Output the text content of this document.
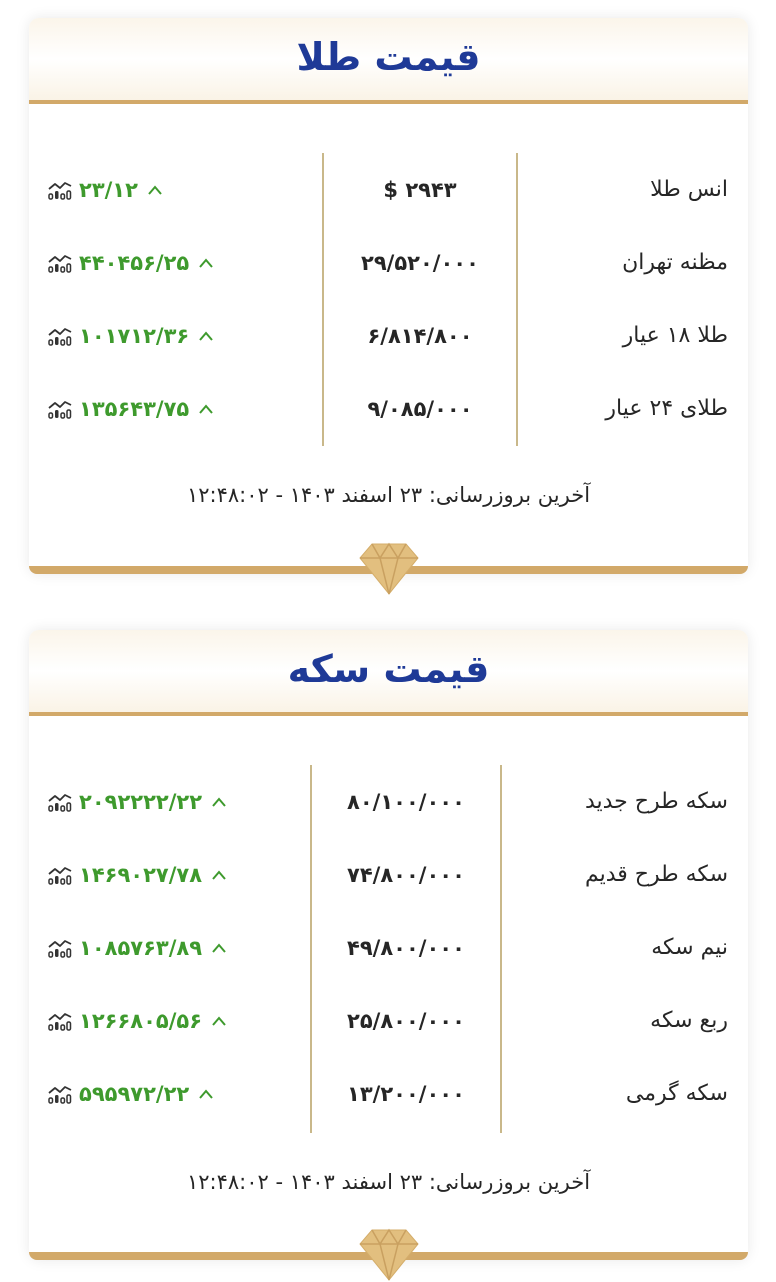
قیمت طلا
انس طلا
$ ۲۹۴۳
۲۳/۱۲
مظنه تهران
۲۹/۵۲۰/۰۰۰
۴۴۰۴۵۶/۲۵
طلا ۱۸ عیار
۶/۸۱۴/۸۰۰
۱۰۱۷۱۲/۳۶
طلای ۲۴ عیار
۹/۰۸۵/۰۰۰
۱۳۵۶۴۳/۷۵
آخرین بروزرسانی: ۲۳ اسفند ۱۴۰۳ - ۱۲:۴۸:۰۲
قیمت سکه
سکه طرح جدید
۸۰/۱۰۰/۰۰۰
۲۰۹۲۲۲۲/۲۲
سکه طرح قدیم
۷۴/۸۰۰/۰۰۰
۱۴۶۹۰۲۷/۷۸
نیم سکه
۴۹/۸۰۰/۰۰۰
۱۰۸۵۷۶۳/۸۹
ربع سکه
۲۵/۸۰۰/۰۰۰
۱۲۶۶۸۰۵/۵۶
سکه گرمی
۱۳/۲۰۰/۰۰۰
۵۹۵۹۷۲/۲۲
آخرین بروزرسانی: ۲۳ اسفند ۱۴۰۳ - ۱۲:۴۸:۰۲
